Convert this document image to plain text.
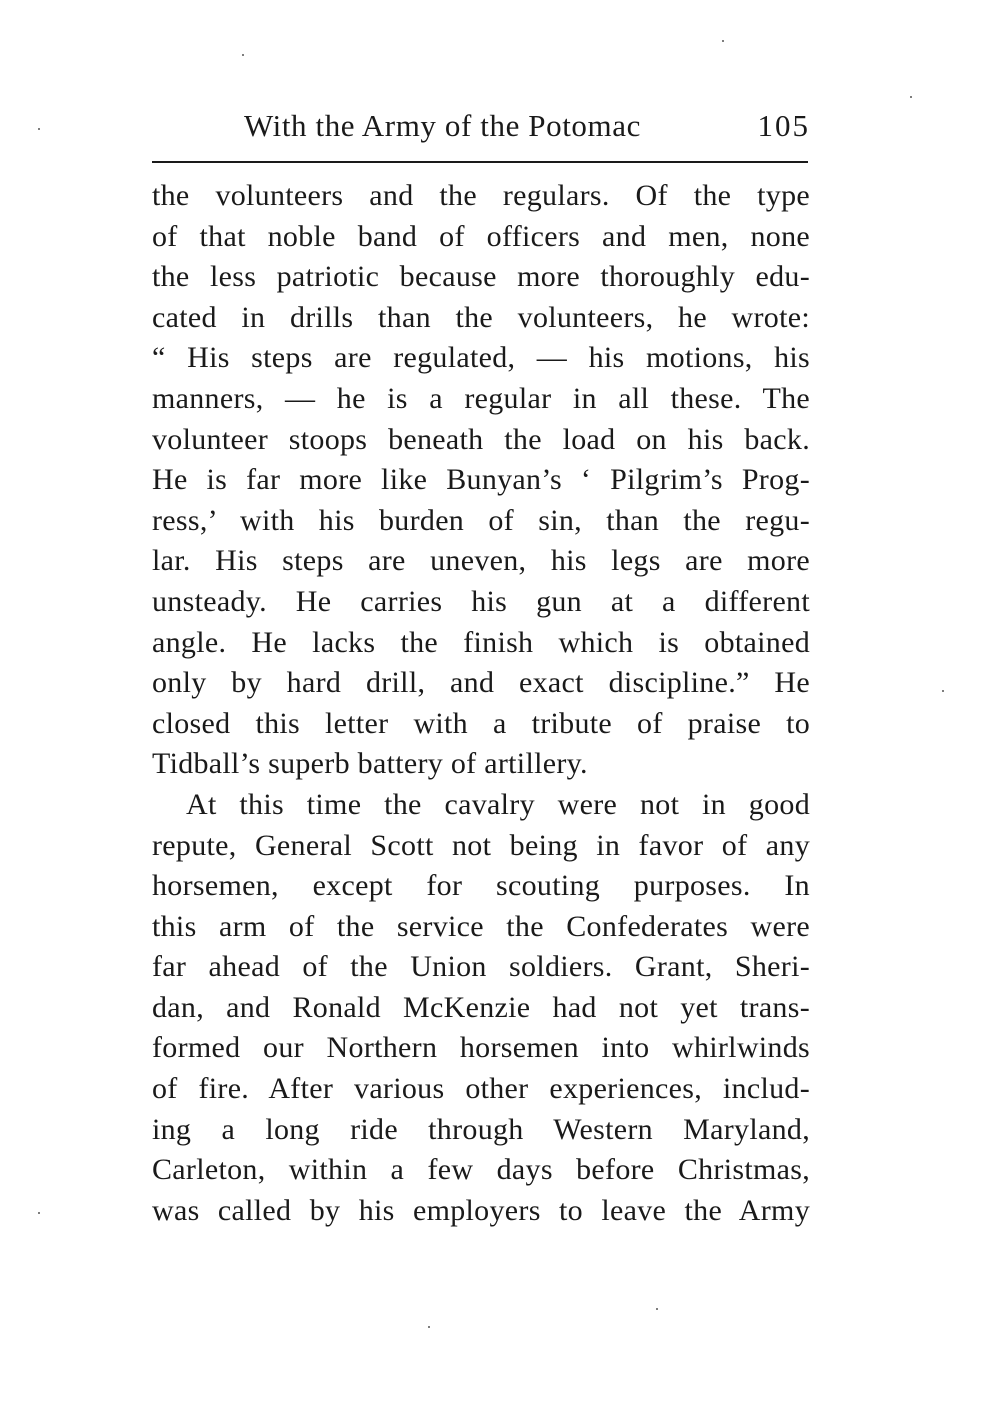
With the Army of the Potomac	105
the volunteers and the regulars. Of the type
of that noble band of officers and men, none
the less patriotic because more thoroughly edu-
cated in drills than the volunteers, he wrote:
“ His steps are regulated, — his motions, his
manners, — he is a regular in all these. The
volunteer stoops beneath the load on his back.
He is far more like Bunyan’s ‘ Pilgrim’s Prog-
ress,’ with his burden of sin, than the regu-
lar. His steps are uneven, his legs are more
unsteady. He carries his gun at a different
angle. He lacks the finish which is obtained
only by hard drill, and exact discipline.” He
closed this letter with a tribute of praise to
Tidball’s superb battery of artillery.
At this time the cavalry were not in good
repute, General Scott not being in favor of any
horsemen, except for scouting purposes. In
this arm of the service the Confederates were
far ahead of the Union soldiers. Grant, Sheri-
dan, and Ronald McKenzie had not yet trans-
formed our Northern horsemen into whirlwinds
of fire. After various other experiences, includ-
ing a long ride through Western Maryland,
Carleton, within a few days before Christmas,
was called by his employers to leave the Army
